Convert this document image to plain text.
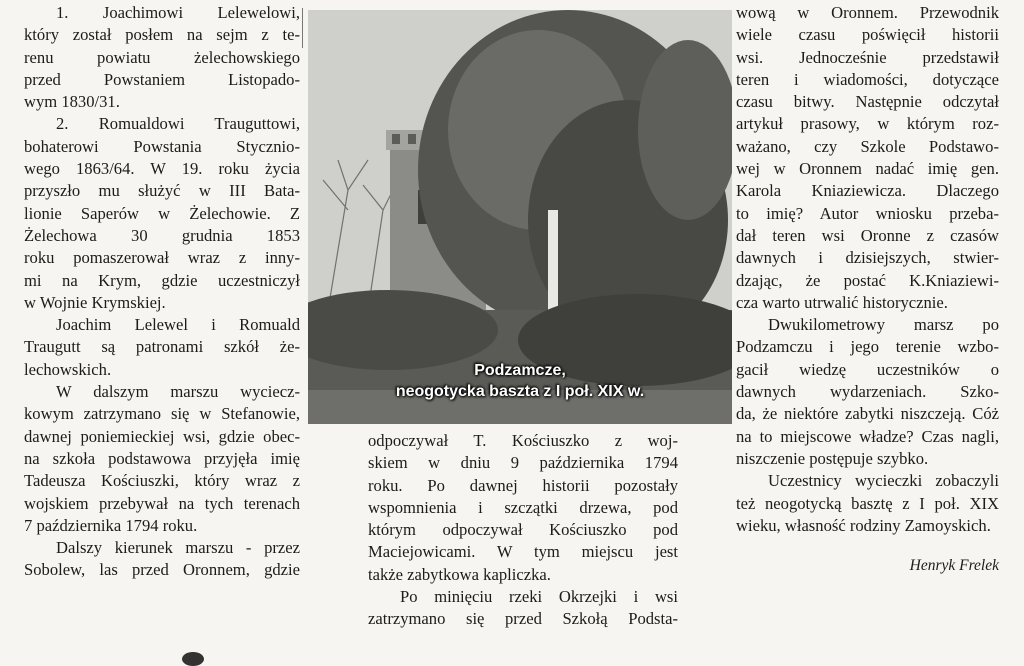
1. Joachimowi Lelewelowi,
który został posłem na sejm z te-
renu powiatu żelechowskiego
przed Powstaniem Listopado-
wym 1830/31.

2. Romualdowi Trauguttowi,
bohaterowi Powstania Stycznio-
wego 1863/64. W 19. roku życia
przyszło mu służyć w III Bata-
lionie Saperów w Żelechowie. Z
Żelechowa 30 grudnia 1853
roku pomaszerował wraz z inny-
mi na Krym, gdzie uczestniczył
w Wojnie Krymskiej.

Joachim Lelewel i Romuald
Traugutt są patronami szkół że-
lechowskich.

W dalszym marszu wyciecz-
kowym zatrzymano się w Stefanowie,
dawnej poniemieckiej wsi, gdzie obec-
na szkoła podstawowa przyjęła imię
Tadeusza Kościuszki, który wraz z
wojskiem przebywał na tych terenach
7 października 1794 roku.

Dalszy kierunek marszu - przez
Sobolew, las przed Oronnem, gdzie

Podzamcze,
neogotycka baszta z I poł. XIX w.

odpoczywał T. Kościuszko z woj-
skiem w dniu 9 października 1794
roku. Po dawnej historii pozostały
wspomnienia i szczątki drzewa, pod
którym odpoczywał Kościuszko pod
Maciejowicami. W tym miejscu jest
także zabytkowa kapliczka.

Po minięciu rzeki Okrzejki i wsi
zatrzymano się przed Szkołą Podsta-

wową w Oronnem. Przewodnik
wiele czasu poświęcił historii
wsi. Jednocześnie przedstawił
teren i wiadomości, dotyczące
czasu bitwy. Następnie odczytał
artykuł prasowy, w którym roz-
ważano, czy Szkole Podstawo-
wej w Oronnem nadać imię gen.
Karola Kniaziewicza. Dlaczego
to imię? Autor wniosku przeba-
dał teren wsi Oronne z czasów
dawnych i dzisiejszych, stwier-
dzając, że postać K.Kniaziewi-
cza warto utrwalić historycznie.

Dwukilometrowy marsz po
Podzamczu i jego terenie wzbo-
gacił wiedzę uczestników o
dawnych wydarzeniach. Szko-
da, że niektóre zabytki niszczeją. Cóż
na to miejscowe władze? Czas nagli,
niszczenie postępuje szybko.

Uczestnicy wycieczki zobaczyli
też neogotycką basztę z I poł. XIX
wieku, własność rodziny Zamoyskich.

Henryk Frelek
